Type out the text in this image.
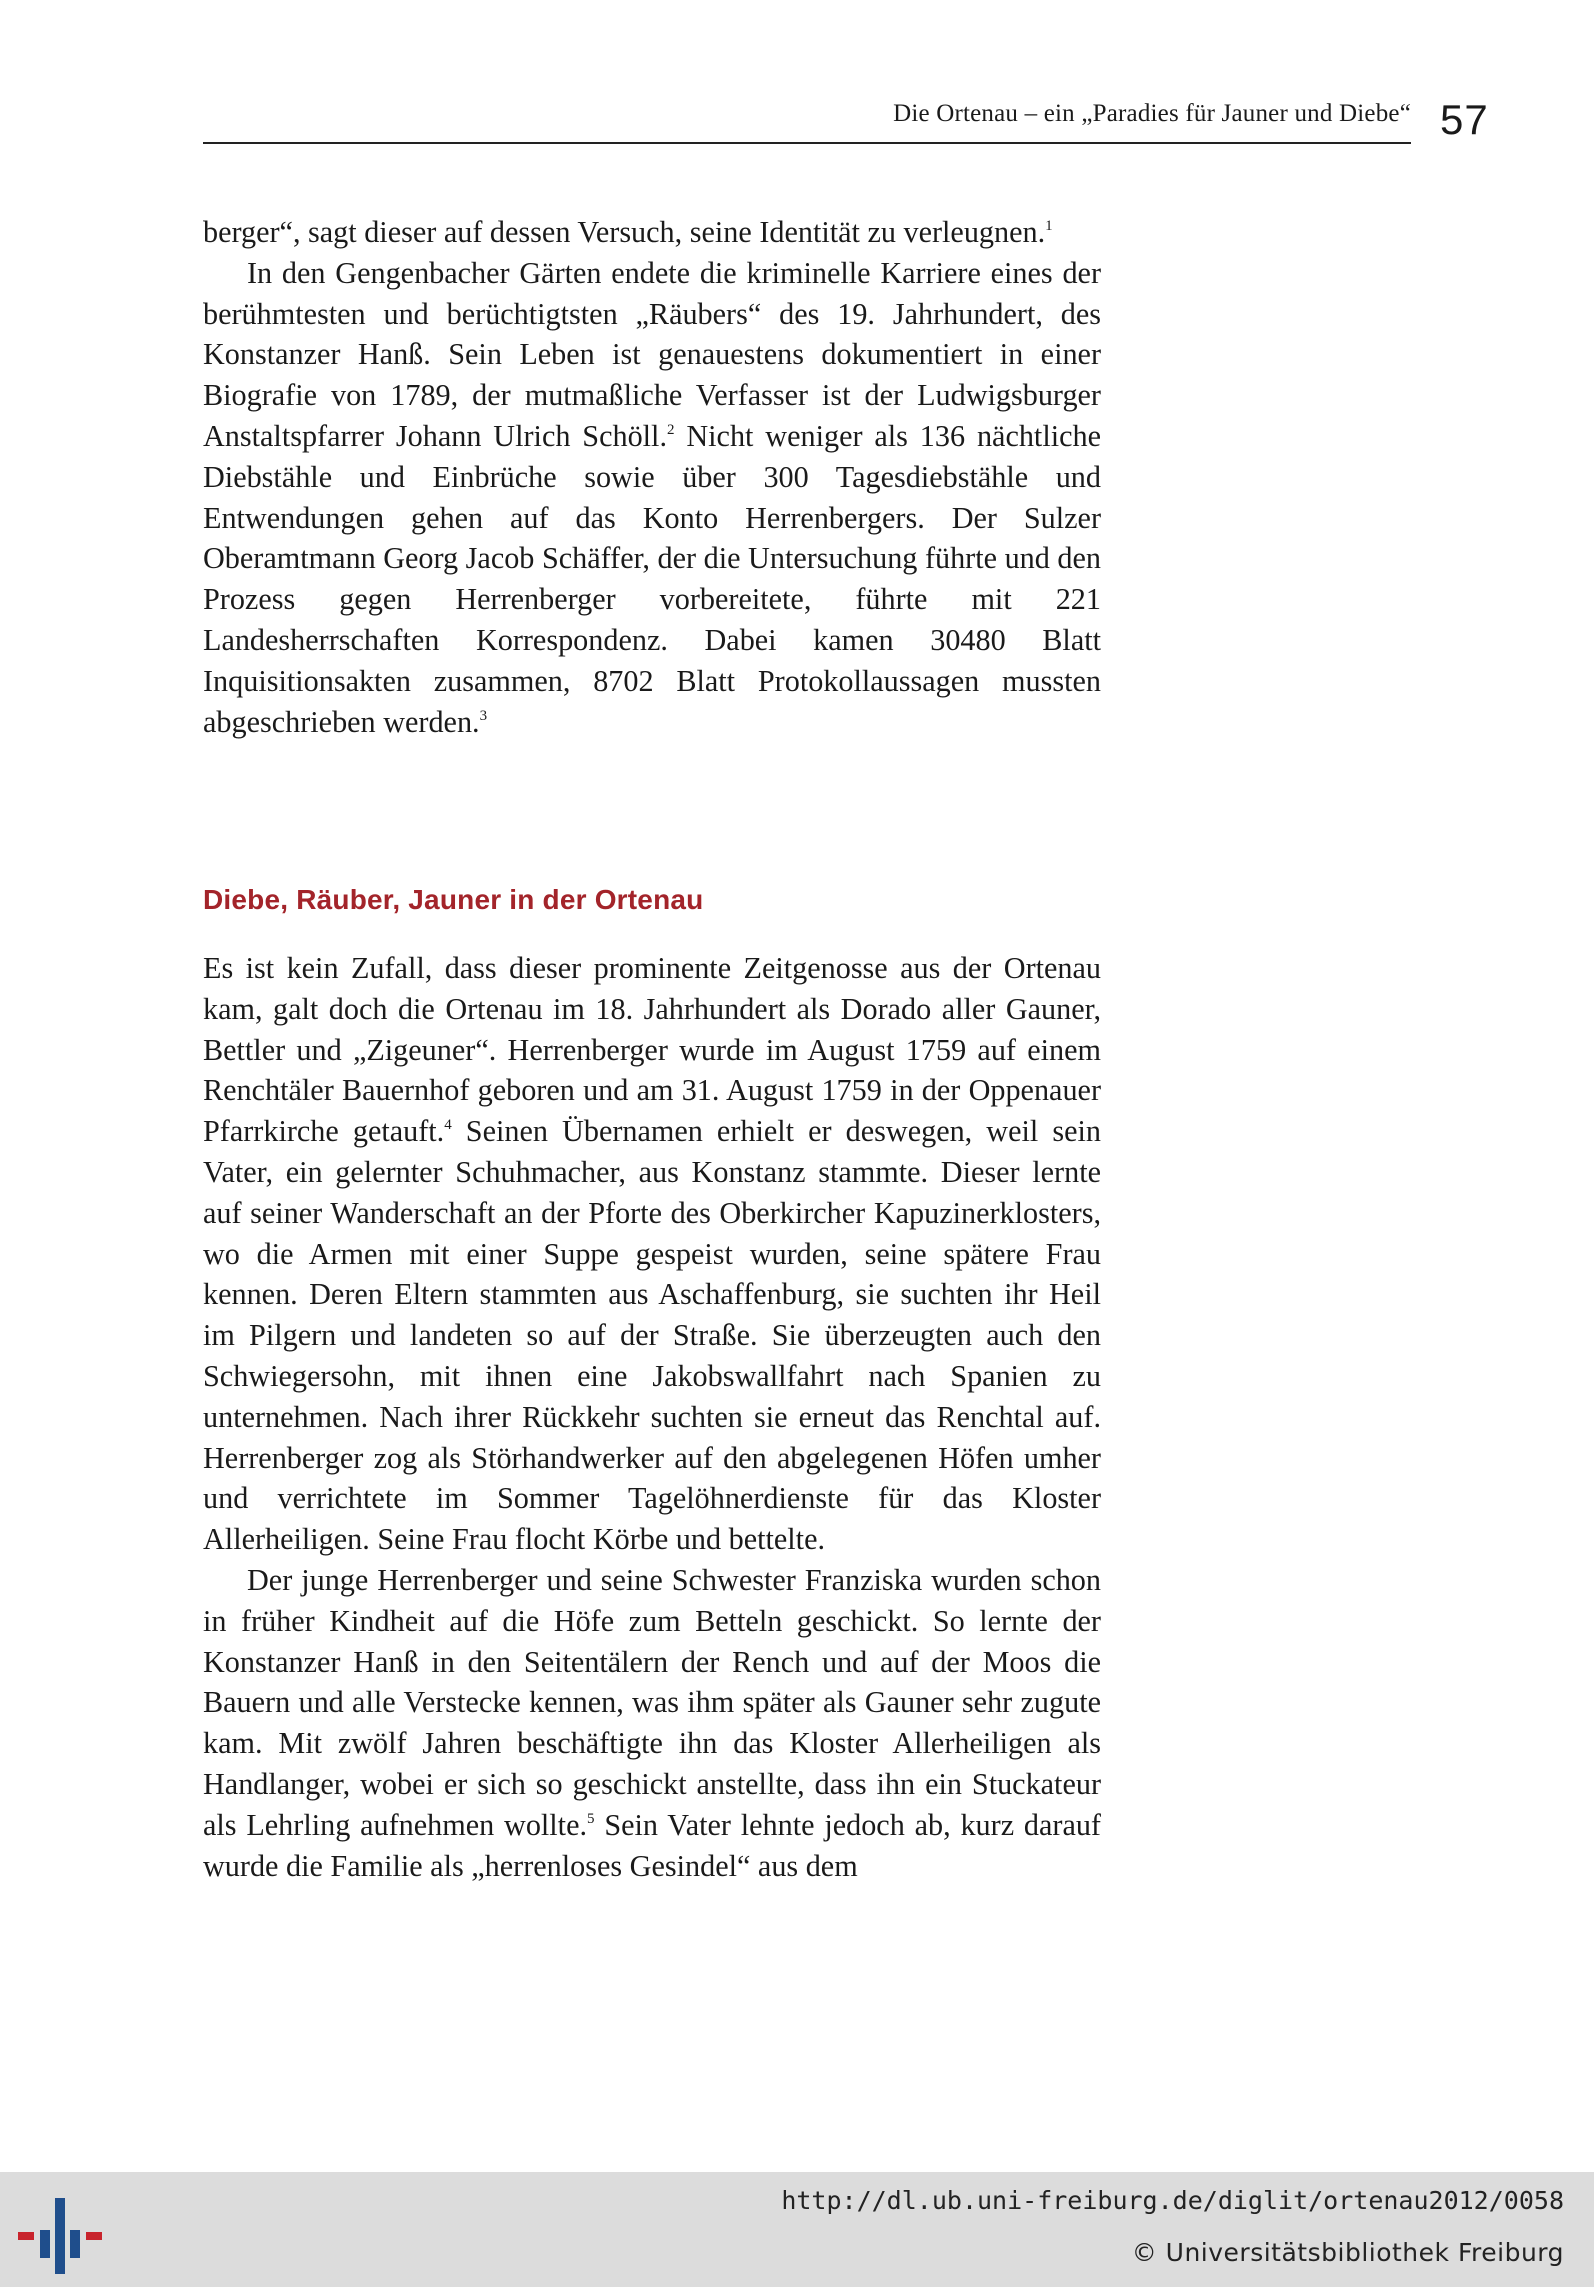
Die Ortenau – ein „Paradies für Jauner und Diebe“ 57

berger“, sagt dieser auf dessen Versuch, seine Identität zu verleugnen.$^1$

In den Gengenbacher Gärten endete die kriminelle Karriere eines der berühmtesten und berüchtigtsten „Räubers“ des 19. Jahrhundert, des Konstanzer Hanß. Sein Leben ist genauestens dokumentiert in einer Biografie von 1789, der mutmaßliche Verfasser ist der Ludwigsburger Anstaltspfarrer Johann Ulrich Schöll.$^2$ Nicht weniger als 136 nächtliche Diebstähle und Einbrüche sowie über 300 Tagesdiebstähle und Entwendungen gehen auf das Konto Herrenbergers. Der Sulzer Oberamtmann Georg Jacob Schäffer, der die Untersuchung führte und den Prozess gegen Herrenberger vorbereitete, führte mit 221 Landesherrschaften Korrespondenz. Dabei kamen 30480 Blatt Inquisitionsakten zusammen, 8702 Blatt Protokollaussagen mussten abgeschrieben werden.$^3$

Diebe, Räuber, Jauner in der Ortenau

Es ist kein Zufall, dass dieser prominente Zeitgenosse aus der Ortenau kam, galt doch die Ortenau im 18. Jahrhundert als Dorado aller Gauner, Bettler und „Zigeuner“. Herrenberger wurde im August 1759 auf einem Renchtäler Bauernhof geboren und am 31. August 1759 in der Oppenauer Pfarrkirche getauft.$^4$ Seinen Übernamen erhielt er deswegen, weil sein Vater, ein gelernter Schuhmacher, aus Konstanz stammte. Dieser lernte auf seiner Wanderschaft an der Pforte des Oberkircher Kapuzinerklosters, wo die Armen mit einer Suppe gespeist wurden, seine spätere Frau kennen. Deren Eltern stammten aus Aschaffenburg, sie suchten ihr Heil im Pilgern und landeten so auf der Straße. Sie überzeugten auch den Schwiegersohn, mit ihnen eine Jakobswallfahrt nach Spanien zu unternehmen. Nach ihrer Rückkehr suchten sie erneut das Renchtal auf. Herrenberger zog als Störhandwerker auf den abgelegenen Höfen umher und verrichtete im Sommer Tagelöhnerdienste für das Kloster Allerheiligen. Seine Frau flocht Körbe und bettelte.

Der junge Herrenberger und seine Schwester Franziska wurden schon in früher Kindheit auf die Höfe zum Betteln geschickt. So lernte der Konstanzer Hanß in den Seitentälern der Rench und auf der Moos die Bauern und alle Verstecke kennen, was ihm später als Gauner sehr zugute kam. Mit zwölf Jahren beschäftigte ihn das Kloster Allerheiligen als Handlanger, wobei er sich so geschickt anstellte, dass ihn ein Stuckateur als Lehrling aufnehmen wollte.$^5$ Sein Vater lehnte jedoch ab, kurz darauf wurde die Familie als „herrenloses Gesindel“ aus dem

http://dl.ub.uni-freiburg.de/diglit/ortenau2012/0058
© Universitätsbibliothek Freiburg
